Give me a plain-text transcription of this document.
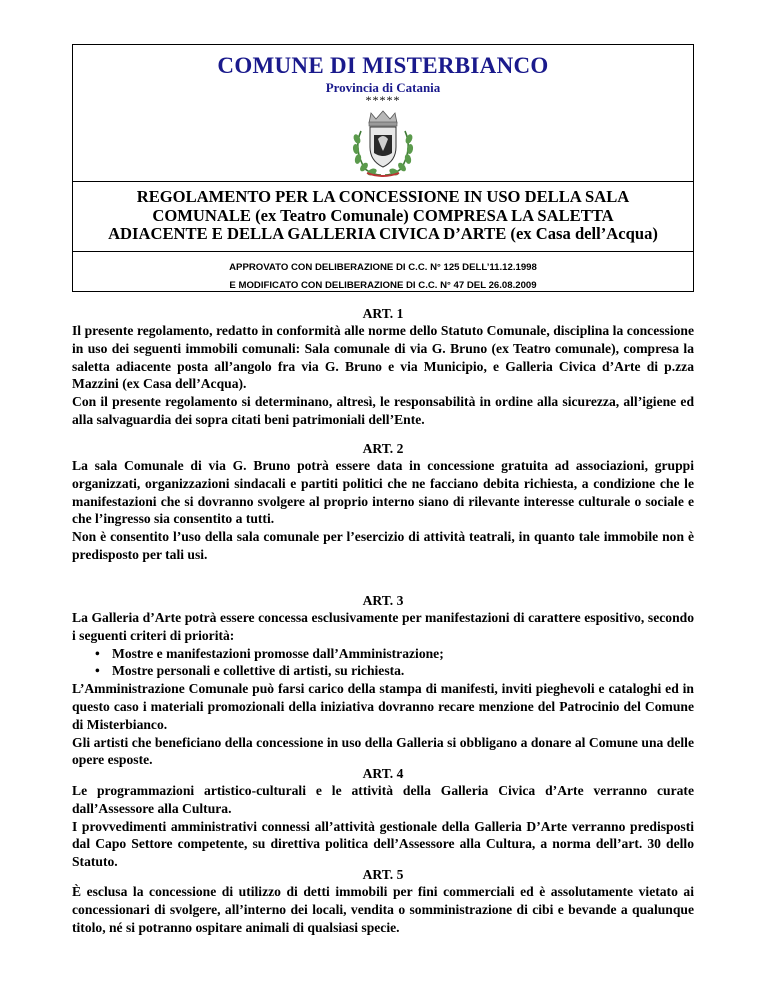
COMUNE DI MISTERBIANCO
Provincia di Catania
*****
REGOLAMENTO PER LA CONCESSIONE IN USO DELLA SALA
COMUNALE (ex Teatro Comunale) COMPRESA LA SALETTA
ADIACENTE E DELLA GALLERIA CIVICA D’ARTE (ex Casa dell’Acqua)
APPROVATO CON DELIBERAZIONE DI C.C. N° 125 DELL’11.12.1998
E MODIFICATO CON DELIBERAZIONE DI C.C. N° 47 DEL 26.08.2009
ART. 1

Il presente regolamento, redatto in conformità alle norme dello Statuto Comunale, disciplina la concessione in uso dei seguenti immobili comunali: Sala comunale di via G. Bruno (ex Teatro comunale), compresa la saletta adiacente posta all’angolo fra via G. Bruno e via Municipio, e Galleria Civica d’Arte di p.zza Mazzini (ex Casa dell’Acqua).

Con il presente regolamento si determinano, altresì, le responsabilità in ordine alla sicurezza, all’igiene ed alla salvaguardia dei sopra citati beni patrimoniali dell’Ente.

ART. 2

La sala Comunale di via G. Bruno potrà essere data in concessione gratuita ad associazioni, gruppi organizzati, organizzazioni sindacali e partiti politici che ne facciano debita richiesta, a condizione che le manifestazioni che si dovranno svolgere al proprio interno siano di rilevante interesse culturale o sociale e che l’ingresso sia consentito a tutti.

Non è consentito l’uso della sala comunale per l’esercizio di attività teatrali, in quanto tale immobile non è predisposto per tali usi.

ART. 3

La Galleria d’Arte potrà essere concessa esclusivamente per manifestazioni di carattere espositivo, secondo i seguenti criteri di priorità:

• Mostre e manifestazioni promosse dall’Amministrazione;
• Mostre personali e collettive di artisti, su richiesta.

L’Amministrazione Comunale può farsi carico della stampa di manifesti, inviti pieghevoli e cataloghi ed in questo caso i materiali promozionali della iniziativa dovranno recare menzione del Patrocinio del Comune di Misterbianco.

Gli artisti che beneficiano della concessione in uso della Galleria si obbligano a donare al Comune una delle opere esposte.

ART. 4

Le programmazioni artistico-culturali e le attività della Galleria Civica d’Arte verranno curate dall’Assessore alla Cultura.

I provvedimenti amministrativi connessi all’attività gestionale della Galleria D’Arte verranno predisposti dal Capo Settore competente, su direttiva politica dell’Assessore alla Cultura, a norma dell’art. 30 dello Statuto.

ART. 5

È esclusa la concessione di utilizzo di detti immobili per fini commerciali ed è assolutamente vietato ai concessionari di svolgere, all’interno dei locali, vendita o somministrazione di cibi e bevande a qualunque titolo, né si potranno ospitare animali di qualsiasi specie.
